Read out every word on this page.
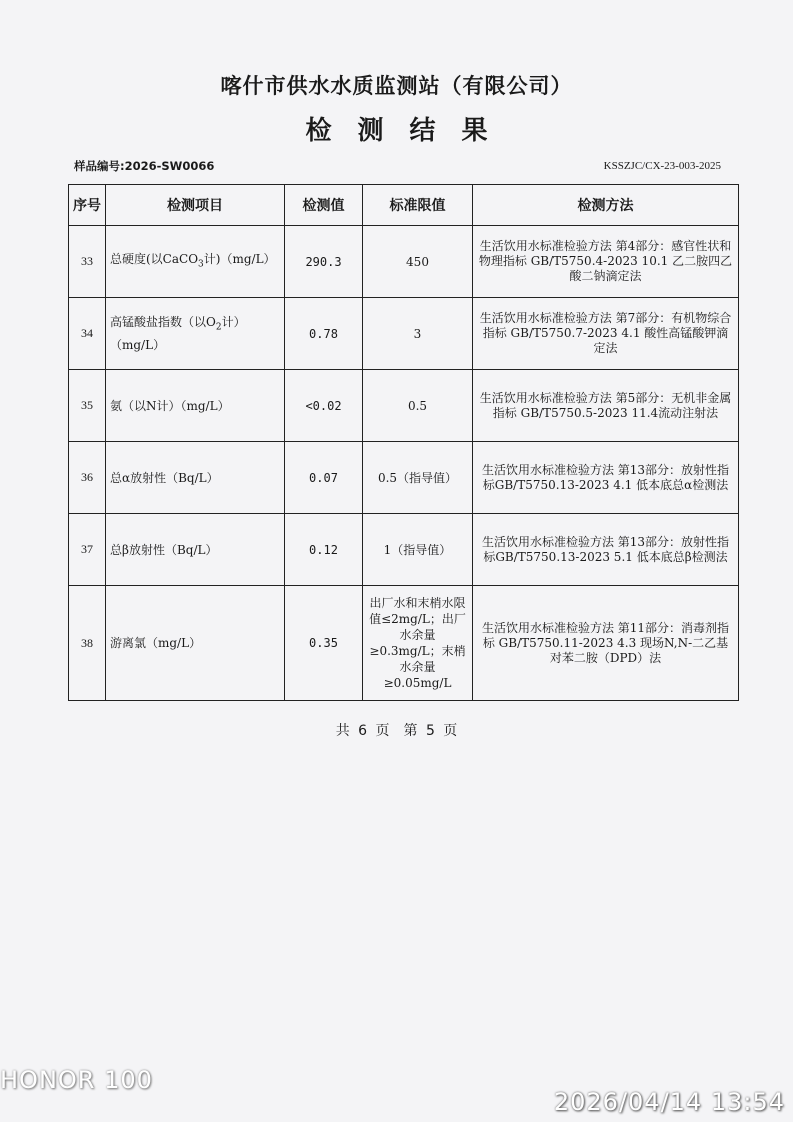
喀什市供水水质监测站（有限公司）
检测结果
样品编号:2026-SW0066	KSSZJC/CX-23-003-2025
序号	检测项目	检测值	标准限值	检测方法
33	总硬度(以CaCO$_3$计)（mg/L）	290.3	450	生活饮用水标准检验方法 第4部分：感官性状和物理指标 GB/T5750.4-2023 10.1 乙二胺四乙酸二钠滴定法
34	高锰酸盐指数（以$O_2$计）（mg/L）	0.78	3	生活饮用水标准检验方法 第7部分：有机物综合指标 GB/T5750.7-2023 4.1 酸性高锰酸钾滴定法
35	氨（以N计）（mg/L）	<0.02	0.5	生活饮用水标准检验方法 第5部分：无机非金属指标 GB/T5750.5-2023 11.4流动注射法
36	总α放射性（Bq/L）	0.07	0.5（指导值）	生活饮用水标准检验方法 第13部分：放射性指标GB/T5750.13-2023 4.1 低本底总α检测法
37	总β放射性（Bq/L）	0.12	1（指导值）	生活饮用水标准检验方法 第13部分：放射性指标GB/T5750.13-2023 5.1 低本底总β检测法
38	游离氯（mg/L）	0.35	出厂水和末梢水限值≤2mg/L；出厂水余量≥0.3mg/L；末梢水余量≥0.05mg/L	生活饮用水标准检验方法 第11部分：消毒剂指标 GB/T5750.11-2023 4.3 现场N,N-二乙基对苯二胺（DPD）法
共 6 页　第 5 页
HONOR 100
2026/04/14 13:54
